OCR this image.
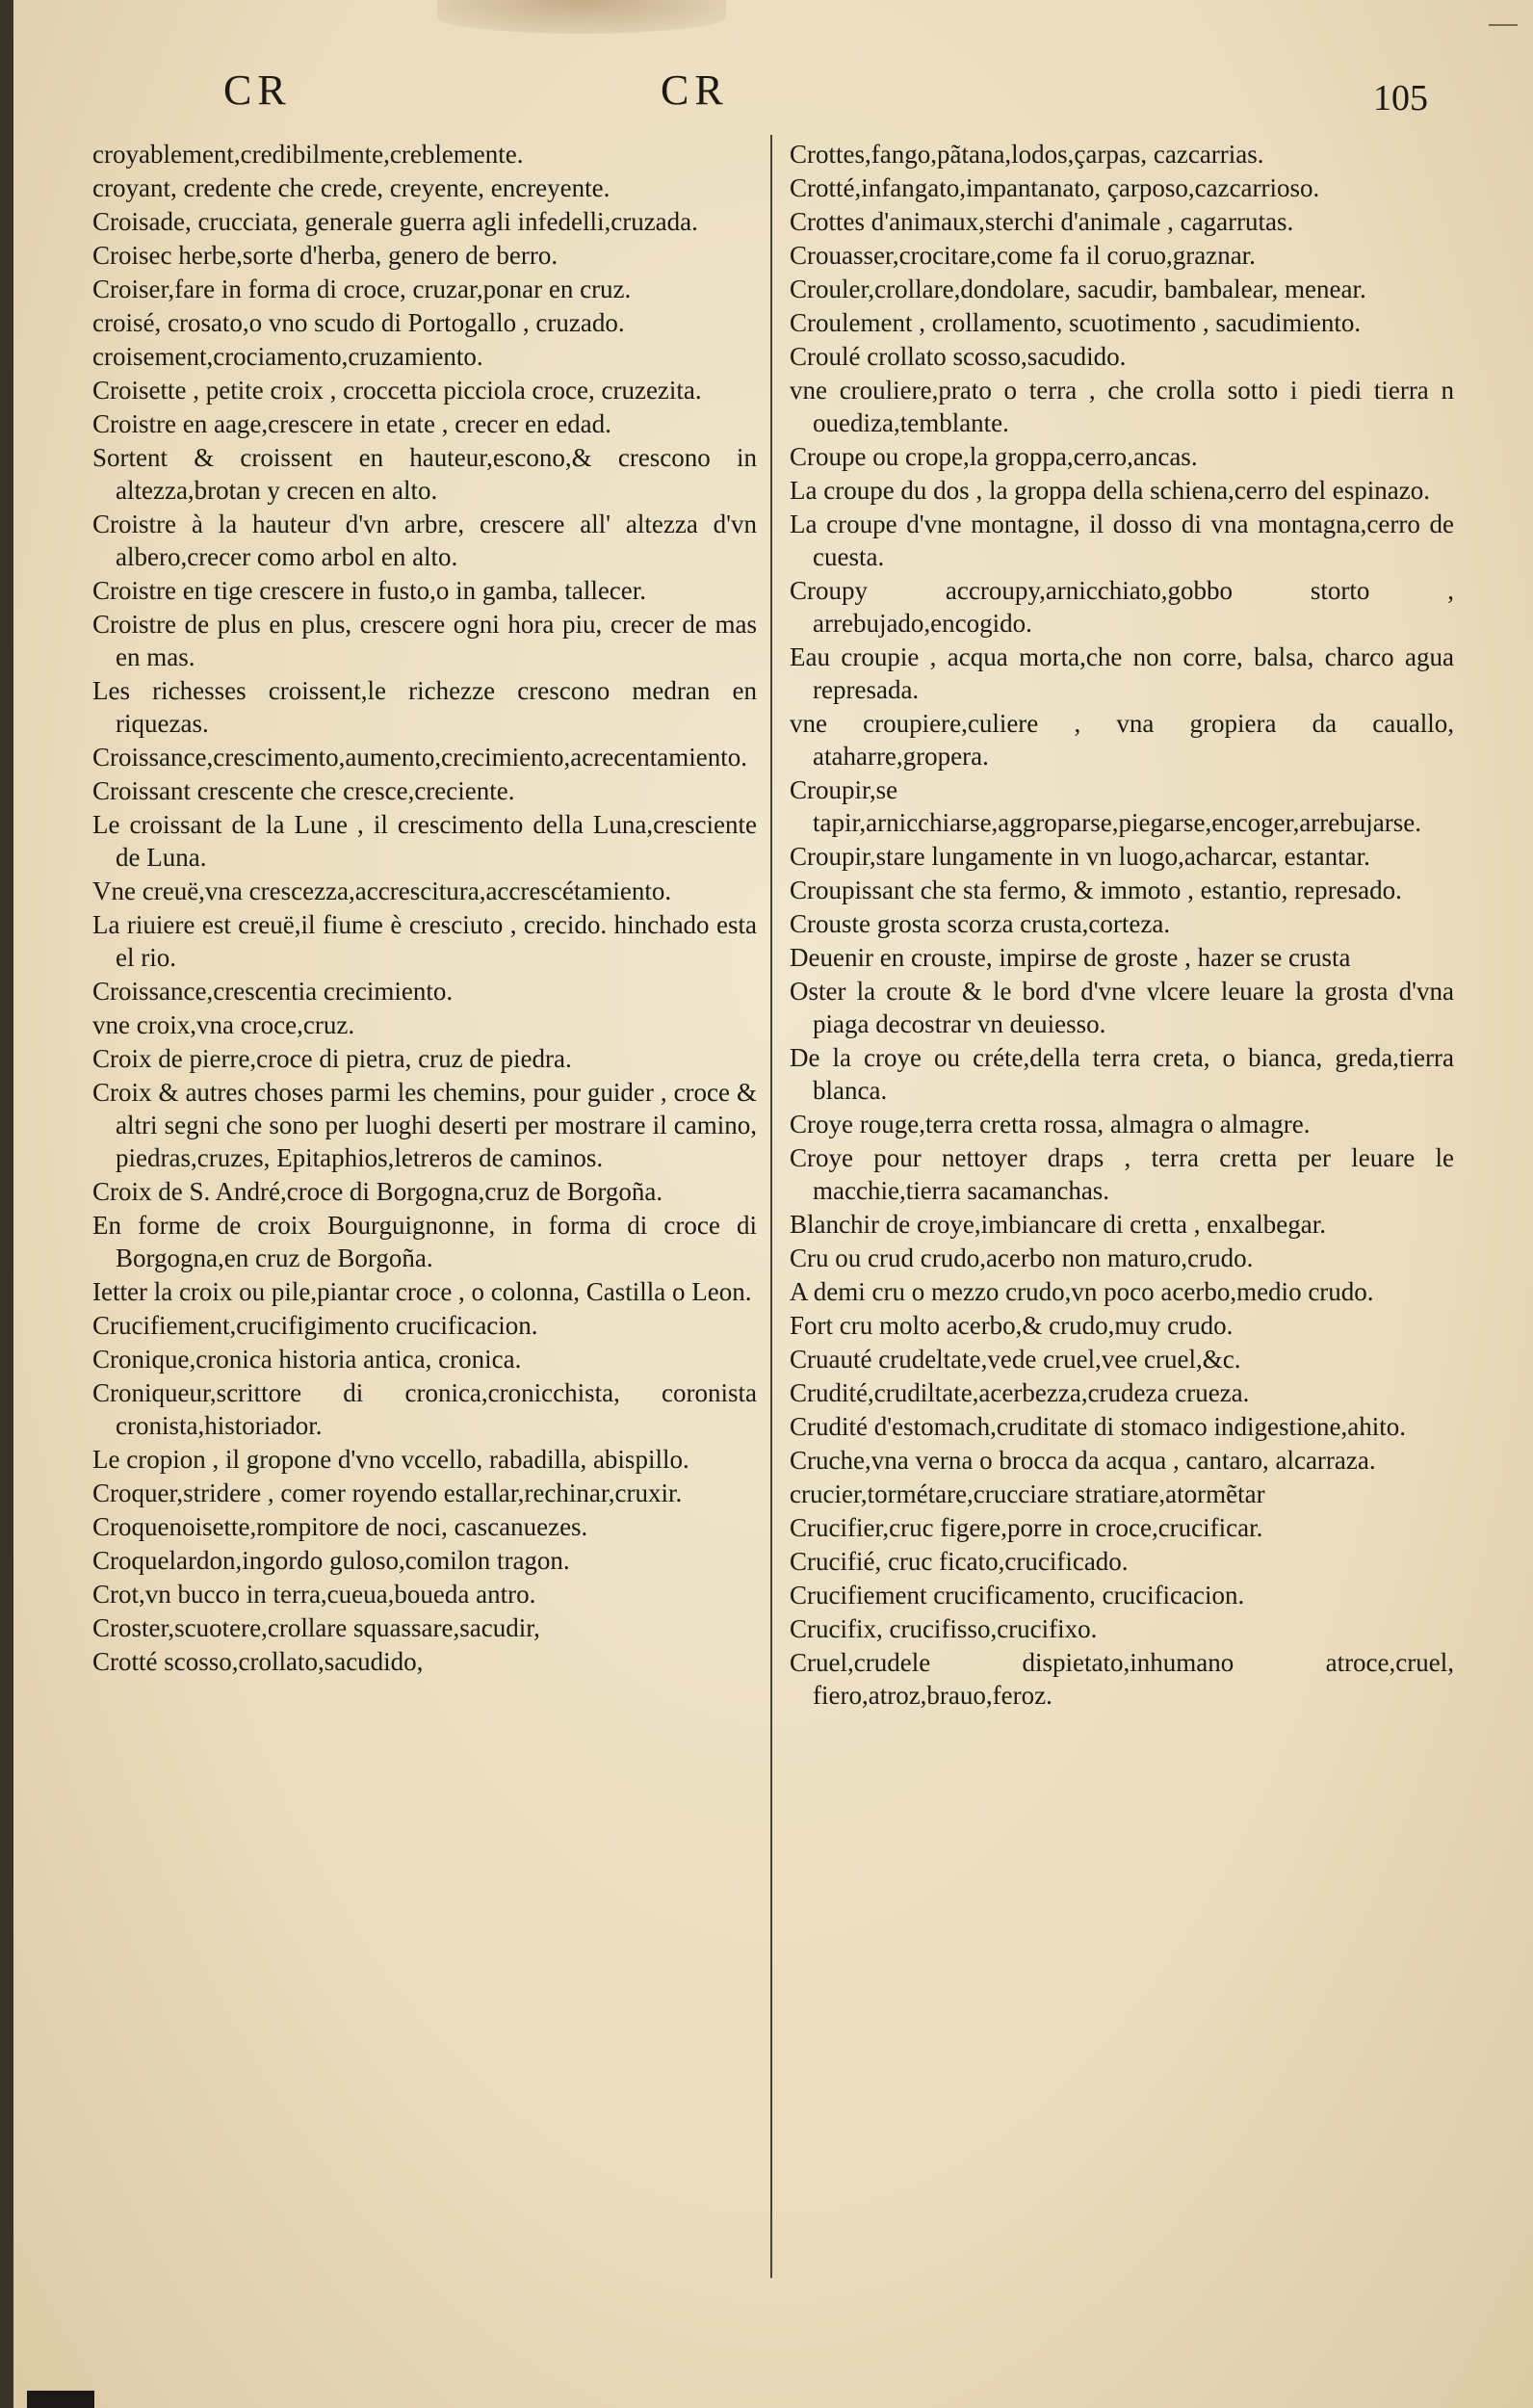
CR	CR	105

croyablement,credibilmente,creblemente.

croyant, credente che crede, creyente, encreyente.

Croisade, crucciata, generale guerra agli infedelli,cruzada.

Croisec herbe,sorte d'herba, genero de berro.

Croiser,fare in forma di croce, cruzar,ponar en cruz.

croisé, crosato,o vno scudo di Portogallo , cruzado.

croisement,crociamento,cruzamiento.

Croisette , petite croix , croccetta picciola croce, cruzezita.

Croistre en aage,crescere in etate , crecer en edad.

Sortent & croissent en hauteur,escono,& crescono in altezza,brotan y crecen en alto.

Croistre à la hauteur d'vn arbre, crescere all' altezza d'vn albero,crecer como arbol en alto.

Croistre en tige crescere in fusto,o in gamba, tallecer.

Croistre de plus en plus, crescere ogni hora piu, crecer de mas en mas.

Les richesses croissent,le richezze crescono medran en riquezas.

Croissance,crescimento,aumento,crecimiento,acrecentamiento.

Croissant crescente che cresce,creciente.

Le croissant de la Lune , il crescimento della Luna,cresciente de Luna.

Vne creuë,vna crescezza,accrescitura,accrescétamiento.

La riuiere est creuë,il fiume è cresciuto , crecido. hinchado esta el rio.

Croissance,crescentia crecimiento.

vne croix,vna croce,cruz.

Croix de pierre,croce di pietra, cruz de piedra.

Croix & autres choses parmi les chemins, pour guider , croce & altri segni che sono per luoghi deserti per mostrare il camino, piedras,cruzes, Epitaphios,letreros de caminos.

Croix de S. André,croce di Borgogna,cruz de Borgoña.

En forme de croix Bourguignonne, in forma di croce di Borgogna,en cruz de Borgoña.

Ietter la croix ou pile,piantar croce , o colonna, Castilla o Leon.

Crucifiement,crucifigimento crucificacion.

Cronique,cronica historia antica, cronica.

Croniqueur,scrittore di cronica,cronicchista, coronista cronista,historiador.

Le cropion , il gropone d'vno vccello, rabadilla, abispillo.

Croquer,stridere , comer royendo estallar,rechinar,cruxir.

Croquenoisette,rompitore de noci, cascanuezes.

Croquelardon,ingordo guloso,comilon tragon.

Crot,vn bucco in terra,cueua,boueda antro.

Croster,scuotere,crollare squassare,sacudir,

Crotté scosso,crollato,sacudido,

Crottes,fango,pãtana,lodos,çarpas, cazcarrias.

Crotté,infangato,impantanato, çarposo,cazcarrioso.

Crottes d'animaux,sterchi d'animale , cagarrutas.

Crouasser,crocitare,come fa il coruo,graznar.

Crouler,crollare,dondolare, sacudir, bambalear, menear.

Croulement , crollamento, scuotimento , sacudimiento.

Croulé crollato scosso,sacudido.

vne crouliere,prato o terra , che crolla sotto i piedi tierra n ouediza,temblante.

Croupe ou crope,la groppa,cerro,ancas.

La croupe du dos , la groppa della schiena,cerro del espinazo.

La croupe d'vne montagne, il dosso di vna montagna,cerro de cuesta.

Croupy accroupy,arnicchiato,gobbo storto , arrebujado,encogido.

Eau croupie , acqua morta,che non corre, balsa, charco agua represada.

vne croupiere,culiere , vna gropiera da cauallo, ataharre,gropera.

Croupir,se tapir,arnicchiarse,aggroparse,piegarse,encoger,arrebujarse.

Croupir,stare lungamente in vn luogo,acharcar, estantar.

Croupissant che sta fermo, & immoto , estantio, represado.

Crouste grosta scorza crusta,corteza.

Deuenir en crouste, impirse de groste , hazer se crusta

Oster la croute & le bord d'vne vlcere leuare la grosta d'vna piaga decostrar vn deuiesso.

De la croye ou créte,della terra creta, o bianca, greda,tierra blanca.

Croye rouge,terra cretta rossa, almagra o almagre.

Croye pour nettoyer draps , terra cretta per leuare le macchie,tierra sacamanchas.

Blanchir de croye,imbiancare di cretta , enxalbegar.

Cru ou crud crudo,acerbo non maturo,crudo.

A demi cru o mezzo crudo,vn poco acerbo,medio crudo.

Fort cru molto acerbo,& crudo,muy crudo.

Cruauté crudeltate,vede cruel,vee cruel,&c.

Crudité,crudiltate,acerbezza,crudeza crueza.

Crudité d'estomach,cruditate di stomaco indigestione,ahito.

Cruche,vna verna o brocca da acqua , cantaro, alcarraza.

crucier,tormétare,crucciare stratiare,atormẽtar

Crucifier,cruc figere,porre in croce,crucificar.

Crucifié, cruc ficato,crucificado.

Crucifiement crucificamento, crucificacion.

Crucifix, crucifisso,crucifixo.

Cruel,crudele dispietato,inhumano atroce,cruel, fiero,atroz,brauo,feroz.
